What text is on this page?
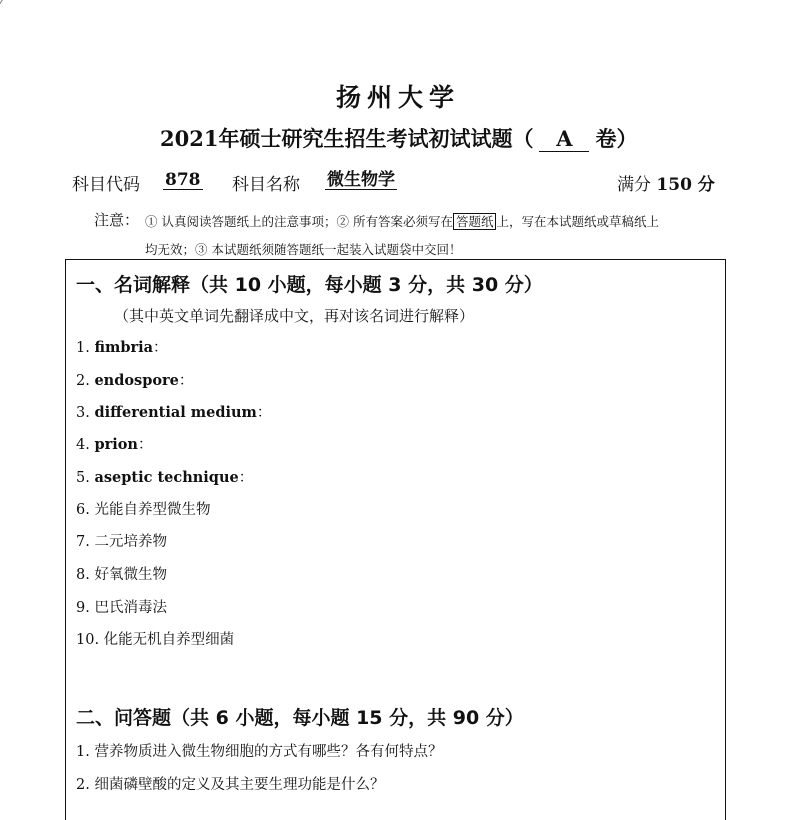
扬州大学
2021年硕士研究生招生考试初试试题（ A 卷）
科目代码 878 科目名称 微生物学	满分 150 分
注意： ① 认真阅读答题纸上的注意事项；② 所有答案必须写在 答题纸 上，写在本试题纸或草稿纸上
均无效；③ 本试题纸须随答题纸一起装入试题袋中交回！
一、名词解释（共 10 小题，每小题 3 分，共 30 分）
（其中英文单词先翻译成中文，再对该名词进行解释）
1. fimbria：
2. endospore：
3. differential medium：
4. prion：
5. aseptic technique：
6. 光能自养型微生物
7. 二元培养物
8. 好氧微生物
9. 巴氏消毒法
10. 化能无机自养型细菌
二、问答题（共 6 小题，每小题 15 分，共 90 分）
1. 营养物质进入微生物细胞的方式有哪些？各有何特点？
2. 细菌磷壁酸的定义及其主要生理功能是什么？
